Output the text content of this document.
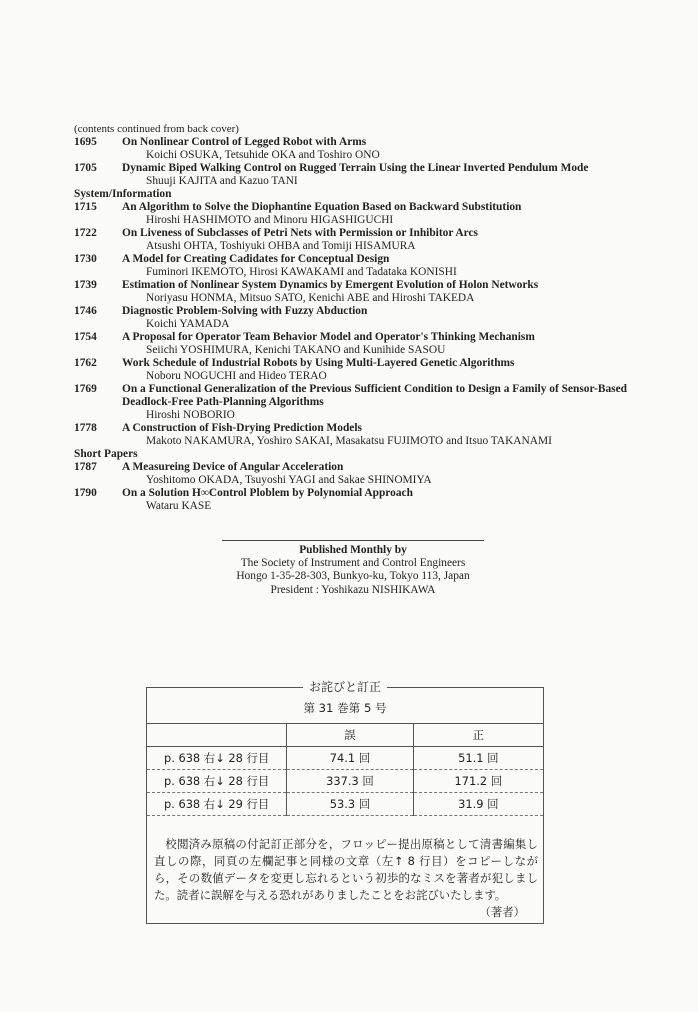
(contents continued from back cover)
1695 On Nonlinear Control of Legged Robot with Arms
Koichi OSUKA, Tetsuhide OKA and Toshiro ONO
1705 Dynamic Biped Walking Control on Rugged Terrain Using the Linear Inverted Pendulum Mode
Shuuji KAJITA and Kazuo TANI
System/Information
1715 An Algorithm to Solve the Diophantine Equation Based on Backward Substitution
Hiroshi HASHIMOTO and Minoru HIGASHIGUCHI
1722 On Liveness of Subclasses of Petri Nets with Permission or Inhibitor Arcs
Atsushi OHTA, Toshiyuki OHBA and Tomiji HISAMURA
1730 A Model for Creating Cadidates for Conceptual Design
Fuminori IKEMOTO, Hirosi KAWAKAMI and Tadataka KONISHI
1739 Estimation of Nonlinear System Dynamics by Emergent Evolution of Holon Networks
Noriyasu HONMA, Mitsuo SATO, Kenichi ABE and Hiroshi TAKEDA
1746 Diagnostic Problem-Solving with Fuzzy Abduction
Koichi YAMADA
1754 A Proposal for Operator Team Behavior Model and Operator's Thinking Mechanism
Seiichi YOSHIMURA, Kenichi TAKANO and Kunihide SASOU
1762 Work Schedule of Industrial Robots by Using Multi-Layered Genetic Algorithms
Noboru NOGUCHI and Hideo TERAO
1769 On a Functional Generalization of the Previous Sufficient Condition to Design a Family of Sensor-Based Deadlock-Free Path-Planning Algorithms
Hiroshi NOBORIO
1778 A Construction of Fish-Drying Prediction Models
Makoto NAKAMURA, Yoshiro SAKAI, Masakatsu FUJIMOTO and Itsuo TAKANAMI
Short Papers
1787 A Measureing Device of Angular Acceleration
Yoshitomo OKADA, Tsuyoshi YAGI and Sakae SHINOMIYA
1790 On a Solution H∞Control Ploblem by Polynomial Approach
Wataru KASE
Published Monthly by
The Society of Instrument and Control Engineers
Hongo 1-35-28-303, Bunkyo-ku, Tokyo 113, Japan
President : Yoshikazu NISHIKAWA
お詫びと訂正
第 31 巻第 5 号
	誤	正
p. 638 右↓ 28 行目	74.1 回	51.1 回
p. 638 右↓ 28 行目	337.3 回	171.2 回
p. 638 右↓ 29 行目	53.3 回	31.9 回
校閲済み原稿の付記訂正部分を，フロッピー提出原稿として清書編集し直しの際，同頁の左欄記事と同様の文章（左↑ 8 行目）をコピーしながら，その数値データを変更し忘れるという初歩的なミスを著者が犯しました。読者に誤解を与える恐れがありましたことをお詫びいたします。
（著者）
